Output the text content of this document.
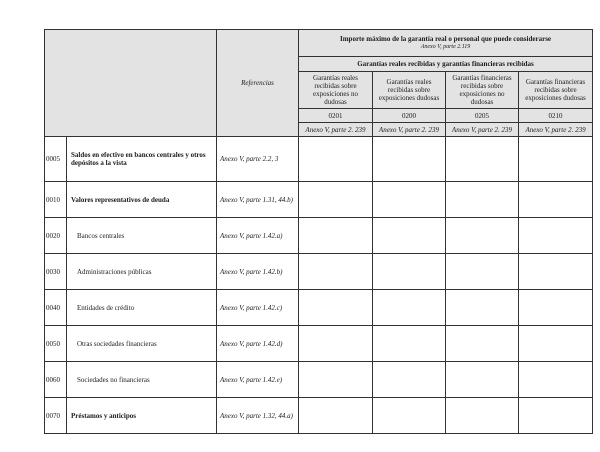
		Referencias	Importe máximo de la garantía real o personal que puede considerarse
Anexo V, parte 2.119			

			Garantías reales recibidas y garantías financieras recibidas			
			Garantías reales recibidas sobre exposiciones no dudosas	Garantías reales recibidas sobre exposiciones dudosas	Garantías financieras recibidas sobre exposiciones no dudosas	Garantías financieras recibidas sobre exposiciones dudosas
			0201	0200	0205	0210
			Anexo V, parte 2. 239	Anexo V, parte 2. 239	Anexo V, parte 2. 239	Anexo V, parte 2. 239
0005	Saldos en efectivo en bancos centrales y otros depósitos a la vista	Anexo V, parte 2.2, 3				
0010	Valores representativos de deuda	Anexo V, parte 1.31, 44.b)				
0020	Bancos centrales	Anexo V, parte 1.42.a)				
0030	Administraciones públicas	Anexo V, parte 1.42.b)				
0040	Entidades de crédito	Anexo V, parte 1.42.c)				
0050	Otras sociedades financieras	Anexo V, parte 1.42.d)				
0060	Sociedades no financieras	Anexo V, parte 1.42.e)				
0070	Préstamos y anticipos	Anexo V, parte 1.32, 44.a)				
